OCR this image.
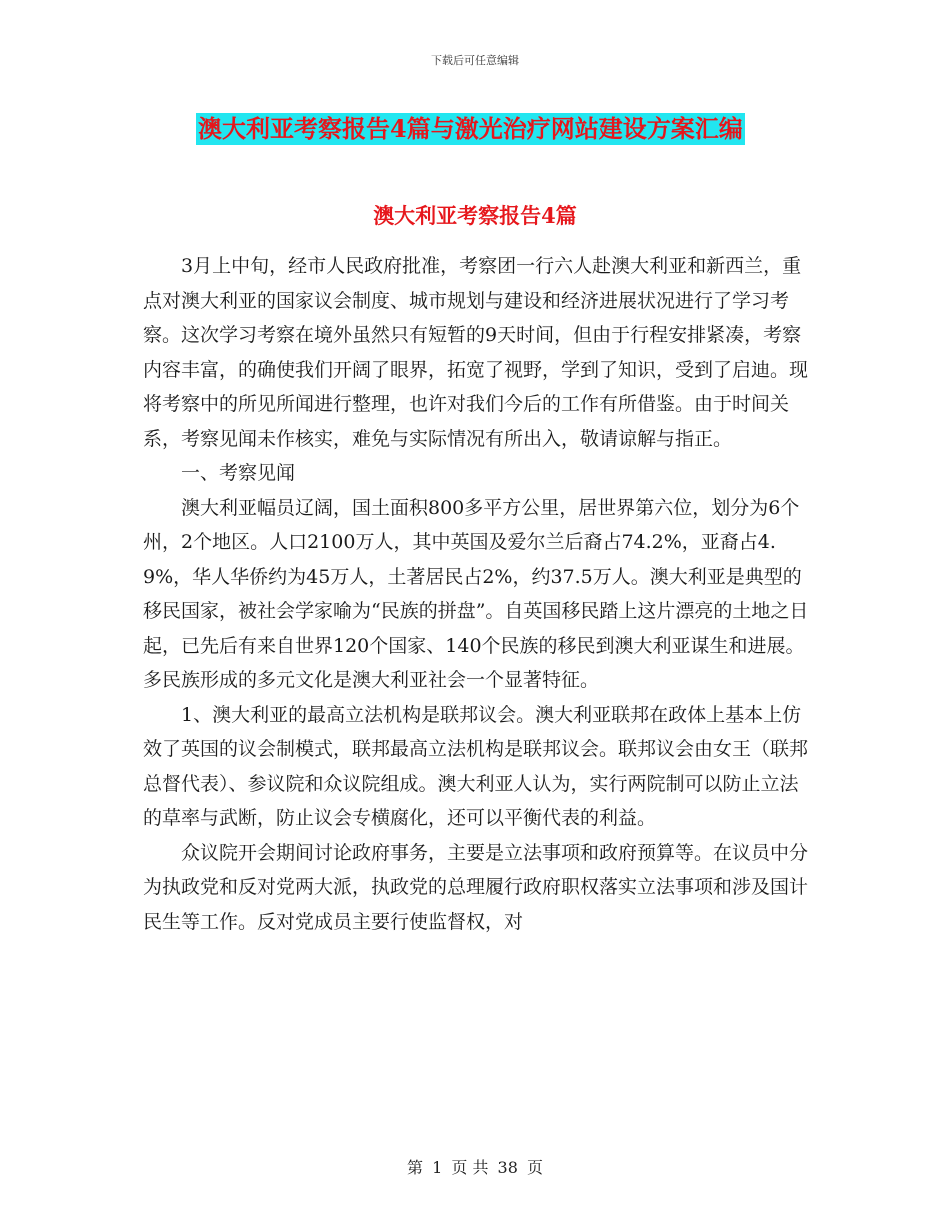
下载后可任意编辑
澳大利亚考察报告4篇与激光治疗网站建设方案汇编
澳大利亚考察报告4篇

3月上中旬，经市人民政府批准，考察团一行六人赴澳大利亚和新西兰，重点对澳大利亚的国家议会制度、城市规划与建设和经济进展状况进行了学习考察。这次学习考察在境外虽然只有短暂的9天时间，但由于行程安排紧凑，考察内容丰富，的确使我们开阔了眼界，拓宽了视野，学到了知识，受到了启迪。现将考察中的所见所闻进行整理，也许对我们今后的工作有所借鉴。由于时间关系，考察见闻未作核实，难免与实际情况有所出入，敬请谅解与指正。

一、考察见闻

澳大利亚幅员辽阔，国土面积800多平方公里，居世界第六位，划分为6个州，2个地区。人口2100万人，其中英国及爱尔兰后裔占74.2%，亚裔占4.9%，华人华侨约为45万人，土著居民占2%，约37.5万人。澳大利亚是典型的移民国家，被社会学家喻为“民族的拼盘”。自英国移民踏上这片漂亮的土地之日起，已先后有来自世界120个国家、140个民族的移民到澳大利亚谋生和进展。多民族形成的多元文化是澳大利亚社会一个显著特征。

1、澳大利亚的最高立法机构是联邦议会。澳大利亚联邦在政体上基本上仿效了英国的议会制模式，联邦最高立法机构是联邦议会。联邦议会由女王（联邦总督代表）、参议院和众议院组成。澳大利亚人认为，实行两院制可以防止立法的草率与武断，防止议会专横腐化，还可以平衡代表的利益。

众议院开会期间讨论政府事务，主要是立法事项和政府预算等。在议员中分为执政党和反对党两大派，执政党的总理履行政府职权落实立法事项和涉及国计民生等工作。反对党成员主要行使监督权，对

第 1 页 共 38 页
